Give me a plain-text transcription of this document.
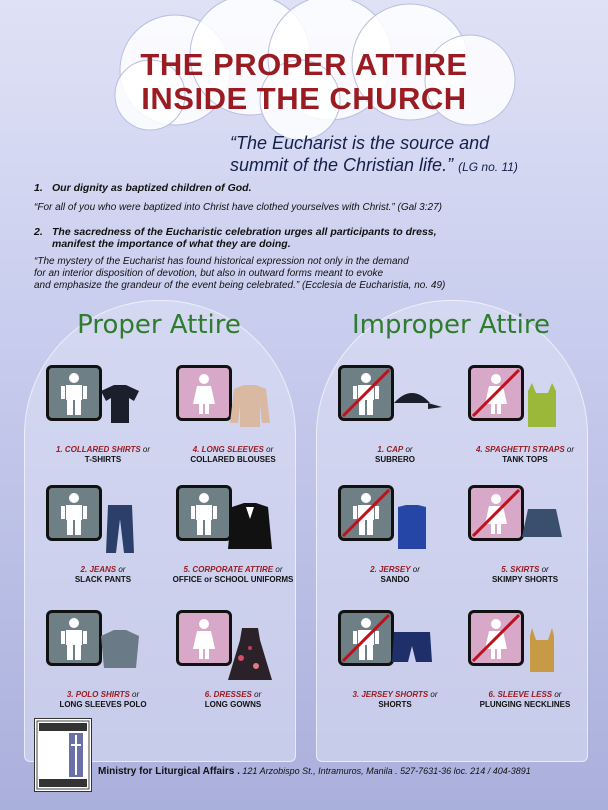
THE PROPER ATTIRE
INSIDE THE CHURCH
“The Eucharist is the source and
summit of the Christian life.” (LG no. 11)
1. Our dignity as baptized children of God.
“For all of you who were baptized into Christ have clothed yourselves with Christ.” (Gal 3:27)
2. The sacredness of the Eucharistic celebration urges all participants to dress,
manifest the importance of what they are doing.
“The mystery of the Eucharist has found historical expression not only in the demand
for an interior disposition of devotion, but also in outward forms meant to evoke
and emphasize the grandeur of the event being celebrated.” (Ecclesia de Eucharistia, no. 49)
Proper Attire	Improper Attire
1. COLLARED SHIRTS or
T-SHIRTS
4. LONG SLEEVES or
COLLARED BLOUSES
2. JEANS or
SLACK PANTS
5. CORPORATE ATTIRE or
OFFICE or SCHOOL UNIFORMS
3. POLO SHIRTS or
LONG SLEEVES POLO
6. DRESSES or
LONG GOWNS
1. CAP or
SUBRERO
4. SPAGHETTI STRAPS or
TANK TOPS
2. JERSEY or
SANDO
5. SKIRTS or
SKIMPY SHORTS
3. JERSEY SHORTS or
SHORTS
6. SLEEVE LESS or
PLUNGING NECKLINES
Ministry for Liturgical Affairs . 121 Arzobispo St., Intramuros, Manila . 527-7631-36 loc. 214 / 404-3891
